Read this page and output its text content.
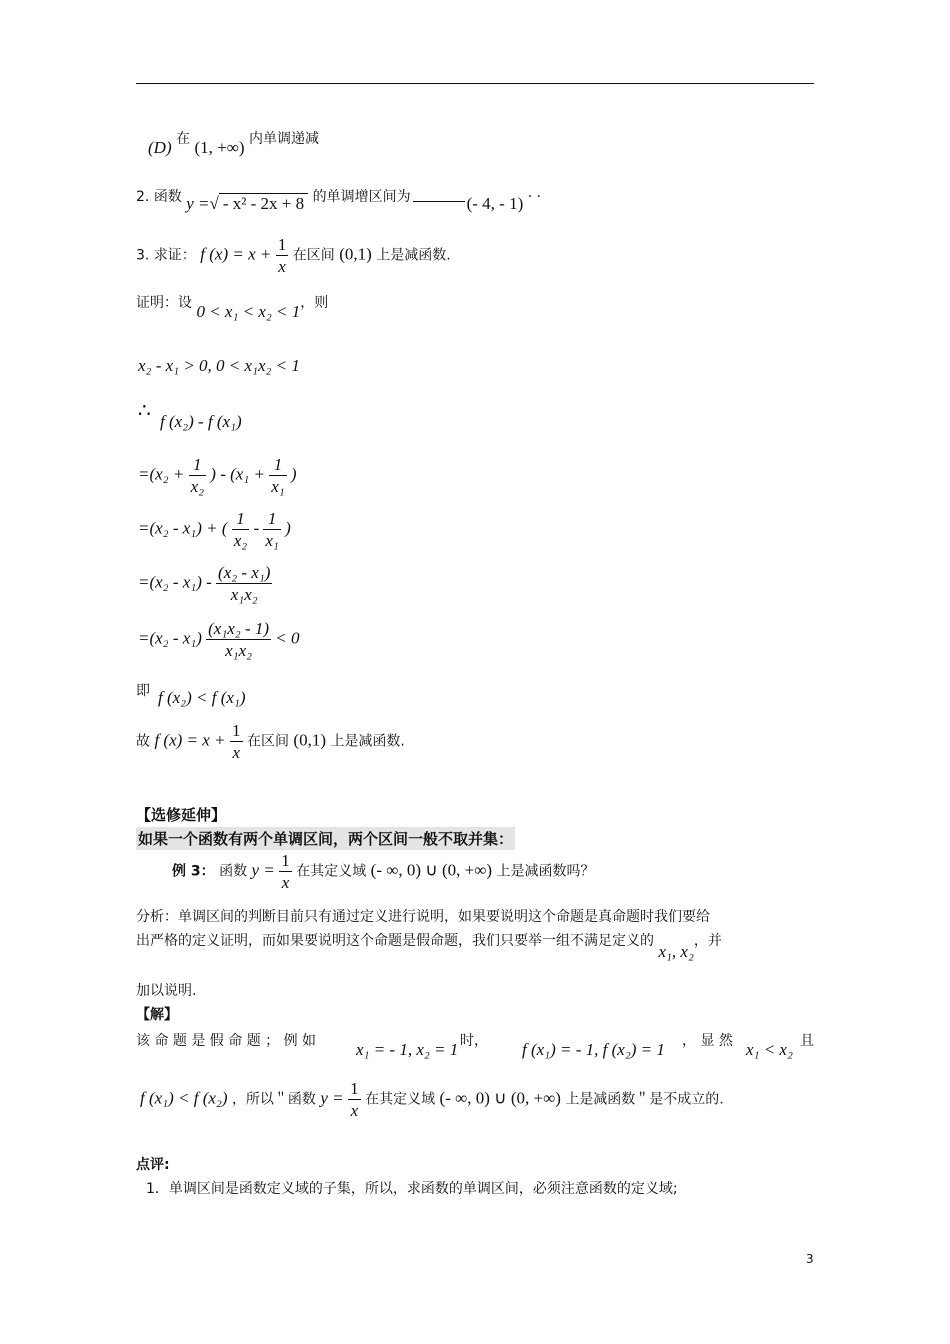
(D) 在 (1, +∞) 内单调递减
2. 函数 y =√ - x² - 2x + 8 的单调增区间为	(- 4, - 1) · ·
3. 求证： f $(x) = x + \frac{1}{x}$ 在区间 (0,1) 上是减函数.
证明：设 0 < x₁ < x₂ < 1，则
x₂ - x₁ > 0, 0 < x₁x₂ < 1
∴ f (x₂) - f (x₁)
$=(x_2 + \frac{1}{\text{x₂}}$ ) - ($x_1 + \frac{1}{\text{x₁}}$ )
=(x₂ - x₁) + ( $\frac{1}{\text{x₂}} - \frac{1}{\text{x₁}}$ )
$=(x_2 - x_1) - \frac{\text{(x₂ - x₁)}}{\text{x₁x₂}}$
$=(x_2 - x_1) \frac{\text{(x₁x₂ - 1)}}{\text{x₁x₂}} < 0$
即 f (x₂) < f (x₁)
故 f $(x) = x + \frac{1}{x}$ 在区间 (0,1) 上是减函数.
【选修延伸】
如果一个函数有两个单调区间，两个区间一般不取并集：
例 3： 函数 $y = \frac{1}{x}$ 在其定义域 (- ∞, 0) ∪ (0, +∞) 上是减函数吗？
分析：单调区间的判断目前只有通过定义进行说明，如果要说明这个命题是真命题时我们要给
出严格的定义证明，而如果要说明这个命题是假命题，我们只要举一组不满足定义的 x₁, x₂，并
加以说明.
【解】
该 命 题 是 假 命 题 ； 例 如 x₁ = - 1, x₂ = 1 时， f (x₁) = - 1, f (x₂) = 1 ， 显 然 x₁ < x₂ 且
f (x₁) < f (x₂) ，所以＂函数 $y = \frac{1}{x}$ 在其定义域 (- ∞, 0) ∪ (0, +∞) 上是减函数＂是不成立的.
点评:
1．单调区间是函数定义域的子集，所以，求函数的单调区间，必须注意函数的定义域;
3
